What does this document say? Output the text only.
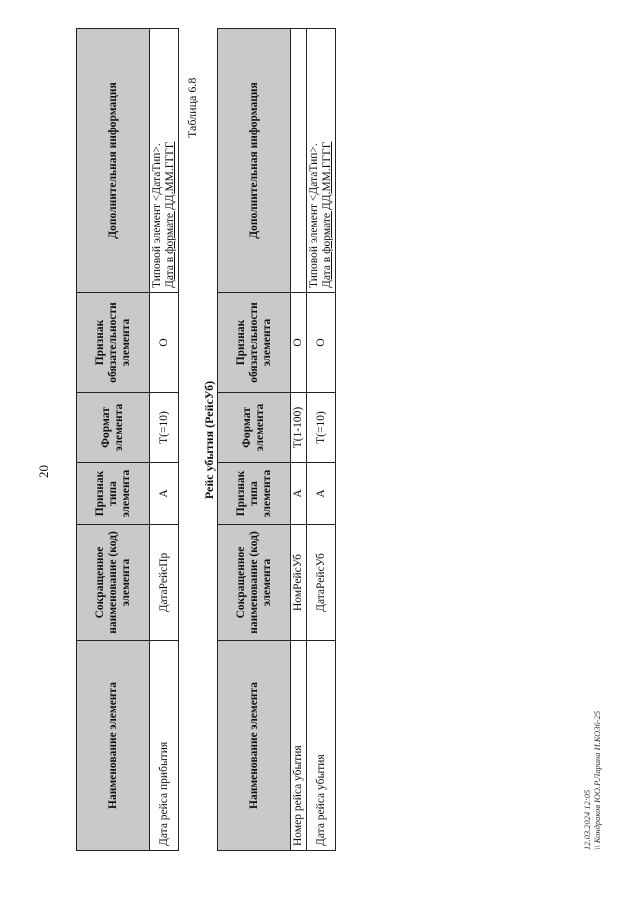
20
Наименование элемента	Сокращенное наименование (код) элемента	Признак типа элемента	Формат элемента	Признак обязательности элемента	Дополнительная информация
Дата рейса прибытия	ДатаРейсПр	А	T(=10)	О	Типовой элемент <ДатаТип>. Дата в формате ДД.ММ.ГГГГ
Таблица 6.8
Рейс убытия (РейсУб)
Наименование элемента	Сокращенное наименование (код) элемента	Признак типа элемента	Формат элемента	Признак обязательности элемента	Дополнительная информация
Номер рейса убытия	НомРейсУб	А	T(1-100)	О	

Дата рейса убытия	ДатаРейсУб	А	T(=10)	О	Типовой элемент <ДатаТип>. Дата в формате ДД.ММ.ГГГГ
12.03.2024 12:05 \\ Кондраков ЮО.Р.Ларина И.КО36-25
